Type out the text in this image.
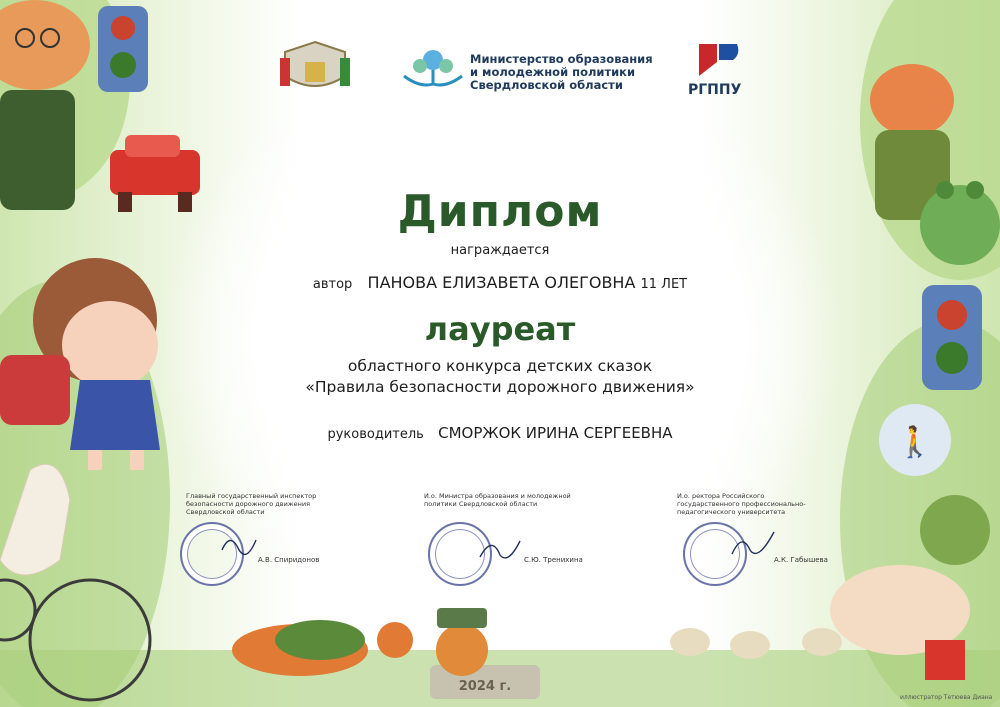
🚶
Министерство образования
и молодежной политики
Свердловской области	РГППУ
Диплом
награждается
автор ПАНОВА ЕЛИЗАВЕТА ОЛЕГОВНА 11 ЛЕТ
лауреат
областного конкурса детских сказок
«Правила безопасности дорожного движения»
руководитель СМОРЖОК ИРИНА СЕРГЕЕВНА
Главный государственный инспектор безопасности дорожного движения Свердловской области
А.В. Спиридонов
И.о. Министра образования и молодежной политики Свердловской области
С.Ю. Тренихина
И.о. ректора Российского государственного профессионально-педагогического университета
А.К. Габышева
2024 г.
иллюстратор Тетюева Диана
